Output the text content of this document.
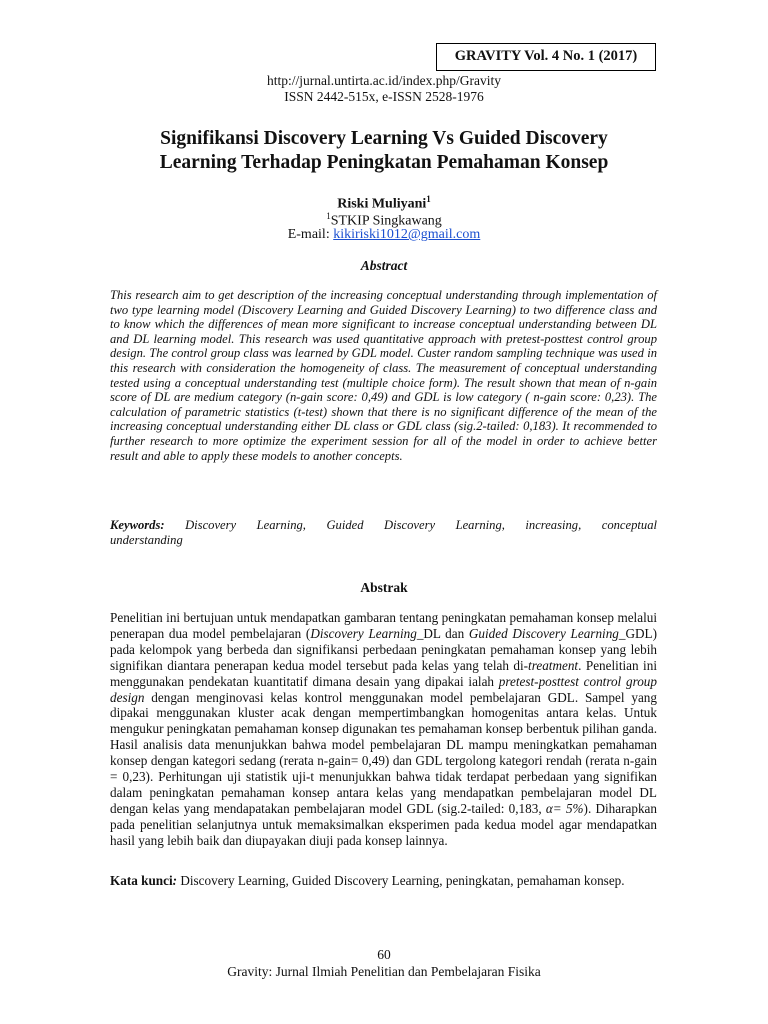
GRAVITY Vol. 4 No. 1 (2017)
http://jurnal.untirta.ac.id/index.php/Gravity
ISSN 2442-515x, e-ISSN 2528-1976
Signifikansi Discovery Learning Vs Guided Discovery
Learning Terhadap Peningkatan Pemahaman Konsep
Riski Muliyani$^1$
$^1$STKIP Singkawang
E-mail: kikiriski1012@gmail.com
Abstract

This research aim to get description of the increasing conceptual understanding through implementation of two type learning model (Discovery Learning and Guided Discovery Learning) to two difference class and to know which the differences of mean more significant to increase conceptual understanding between DL and DL learning model. This research was used quantitative approach with pretest-posttest control group design. The control group class was learned by GDL model. Custer random sampling technique was used in this research with consideration the homogeneity of class. The measurement of conceptual understanding tested using a conceptual understanding test (multiple choice form). The result shown that mean of n-gain score of DL are medium category (n-gain score: 0,49) and GDL is low category ( n-gain score: 0,23). The calculation of parametric statistics (t-test) shown that there is no significant difference of the mean of the increasing conceptual understanding either DL class or GDL class (sig.2-tailed: 0,183). It recommended to further research to more optimize the experiment session for all of the model in order to achieve better result and able to apply these models to another concepts.

Keywords: Discovery Learning, Guided Discovery Learning, increasing, conceptual understanding

Abstrak

Penelitian ini bertujuan untuk mendapatkan gambaran tentang peningkatan pemahaman konsep melalui penerapan dua model pembelajaran (Discovery Learning_DL dan Guided Discovery Learning_GDL) pada kelompok yang berbeda dan signifikansi perbedaan peningkatan pemahaman konsep yang lebih signifikan diantara penerapan kedua model tersebut pada kelas yang telah di-treatment. Penelitian ini menggunakan pendekatan kuantitatif dimana desain yang dipakai ialah pretest-posttest control group design dengan menginovasi kelas kontrol menggunakan model pembelajaran GDL. Sampel yang dipakai menggunakan kluster acak dengan mempertimbangkan homogenitas antara kelas. Untuk mengukur peningkatan pemahaman konsep digunakan tes pemahaman konsep berbentuk pilihan ganda. Hasil analisis data menunjukkan bahwa model pembelajaran DL mampu meningkatkan pemahaman konsep dengan kategori sedang (rerata n-gain= 0,49) dan GDL tergolong kategori rendah (rerata n-gain = 0,23). Perhitungan uji statistik uji-t menunjukkan bahwa tidak terdapat perbedaan yang signifikan dalam peningkatan pemahaman konsep antara kelas yang mendapatkan pembelajaran model DL dengan kelas yang mendapatakan pembelajaran model GDL (sig.2-tailed: 0,183, α= 5%). Diharapkan pada penelitian selanjutnya untuk memaksimalkan eksperimen pada kedua model agar mendapatkan hasil yang lebih baik dan diupayakan diuji pada konsep lainnya.

Kata kunci: Discovery Learning, Guided Discovery Learning, peningkatan, pemahaman konsep.

60
Gravity: Jurnal Ilmiah Penelitian dan Pembelajaran Fisika
